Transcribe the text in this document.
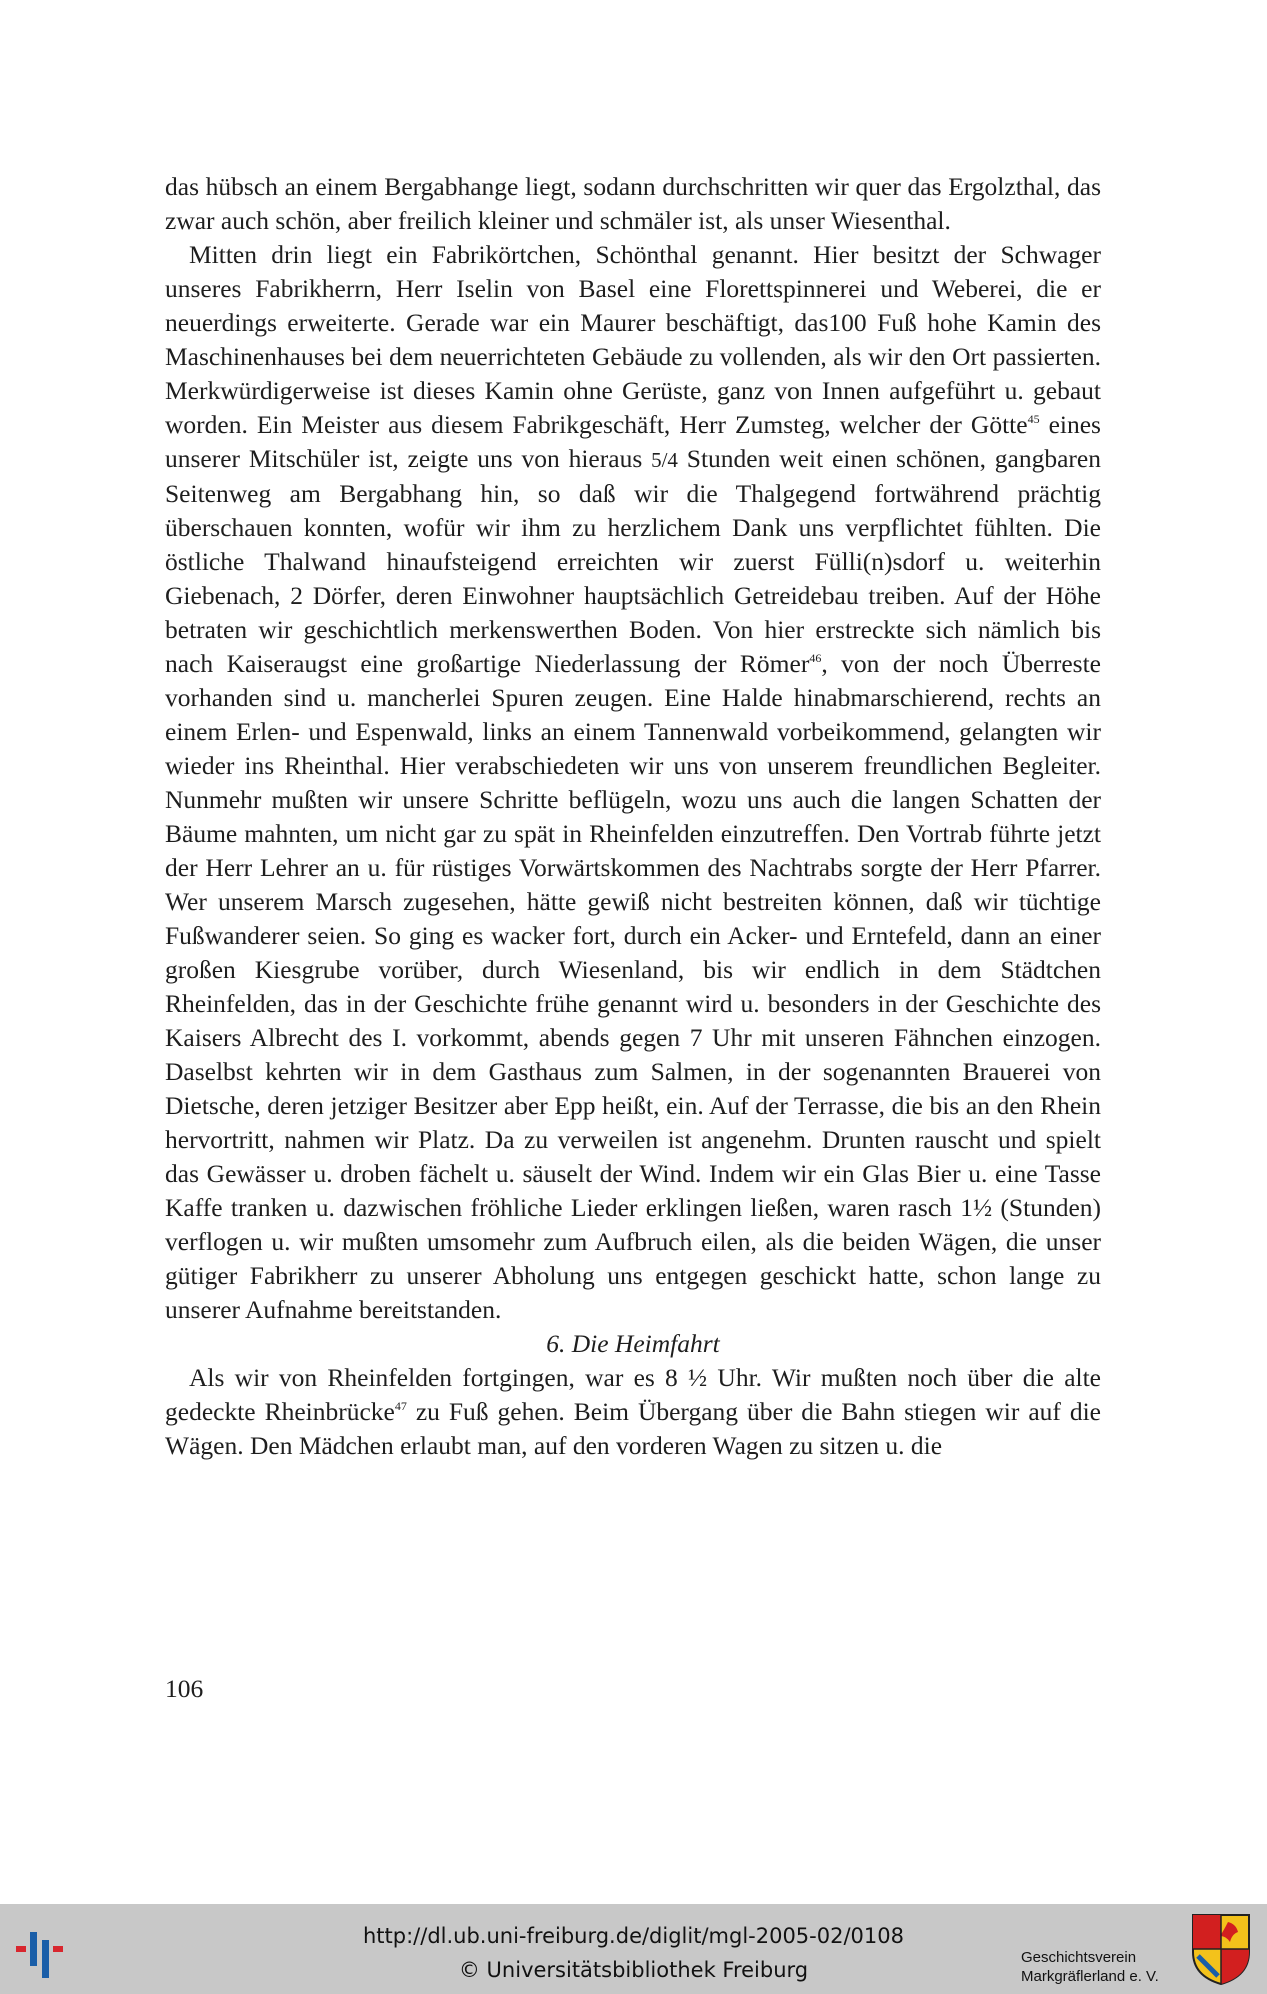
das hübsch an einem Bergabhange liegt, sodann durchschritten wir quer das Ergolzthal, das zwar auch schön, aber freilich kleiner und schmäler ist, als unser Wiesenthal.

Mitten drin liegt ein Fabrikörtchen, Schönthal genannt. Hier besitzt der Schwager unseres Fabrikherrn, Herr Iselin von Basel eine Florettspinnerei und Weberei, die er neuerdings erweiterte. Gerade war ein Maurer beschäftigt, das100 Fuß hohe Kamin des Maschinenhauses bei dem neuerrichteten Gebäude zu vollenden, als wir den Ort passierten. Merkwürdigerweise ist dieses Kamin ohne Gerüste, ganz von Innen aufgeführt u. gebaut worden. Ein Meister aus diesem Fabrikgeschäft, Herr Zumsteg, welcher der Götte$^{45}$ eines unserer Mitschüler ist, zeigte uns von hieraus 5/4 Stunden weit einen schönen, gangbaren Seitenweg am Bergabhang hin, so daß wir die Thalgegend fortwährend prächtig überschauen konnten, wofür wir ihm zu herzlichem Dank uns verpflichtet fühlten. Die östliche Thalwand hinaufsteigend erreichten wir zuerst Fülli(n)sdorf u. weiterhin Giebenach, 2 Dörfer, deren Einwohner hauptsächlich Getreidebau treiben. Auf der Höhe betraten wir geschichtlich merkenswerthen Boden. Von hier erstreckte sich nämlich bis nach Kaiseraugst eine großartige Niederlassung der Römer$^{46}$, von der noch Überreste vorhanden sind u. mancherlei Spuren zeugen. Eine Halde hinabmarschierend, rechts an einem Erlen- und Espenwald, links an einem Tannenwald vorbeikommend, gelangten wir wieder ins Rheinthal. Hier verabschiedeten wir uns von unserem freundlichen Begleiter. Nunmehr mußten wir unsere Schritte beflügeln, wozu uns auch die langen Schatten der Bäume mahnten, um nicht gar zu spät in Rheinfelden einzutreffen. Den Vortrab führte jetzt der Herr Lehrer an u. für rüstiges Vorwärtskommen des Nachtrabs sorgte der Herr Pfarrer. Wer unserem Marsch zugesehen, hätte gewiß nicht bestreiten können, daß wir tüchtige Fußwanderer seien. So ging es wacker fort, durch ein Acker- und Erntefeld, dann an einer großen Kiesgrube vorüber, durch Wiesenland, bis wir endlich in dem Städtchen Rheinfelden, das in der Geschichte frühe genannt wird u. besonders in der Geschichte des Kaisers Albrecht des I. vorkommt, abends gegen 7 Uhr mit unseren Fähnchen einzogen. Daselbst kehrten wir in dem Gasthaus zum Salmen, in der sogenannten Brauerei von Dietsche, deren jetziger Besitzer aber Epp heißt, ein. Auf der Terrasse, die bis an den Rhein hervortritt, nahmen wir Platz. Da zu verweilen ist angenehm. Drunten rauscht und spielt das Gewässer u. droben fächelt u. säuselt der Wind. Indem wir ein Glas Bier u. eine Tasse Kaffe tranken u. dazwischen fröhliche Lieder erklingen ließen, waren rasch 1½ (Stunden) verflogen u. wir mußten umsomehr zum Aufbruch eilen, als die beiden Wägen, die unser gütiger Fabrikherr zu unserer Abholung uns entgegen geschickt hatte, schon lange zu unserer Aufnahme bereitstanden.

6. Die Heimfahrt

Als wir von Rheinfelden fortgingen, war es 8 ½ Uhr. Wir mußten noch über die alte gedeckte Rheinbrücke$^{47}$ zu Fuß gehen. Beim Übergang über die Bahn stiegen wir auf die Wägen. Den Mädchen erlaubt man, auf den vorderen Wagen zu sitzen u. die

106
http://dl.ub.uni-freiburg.de/diglit/mgl-2005-02/0108
© Universitätsbibliothek Freiburg
Geschichtsverein
Markgräflerland e. V.
